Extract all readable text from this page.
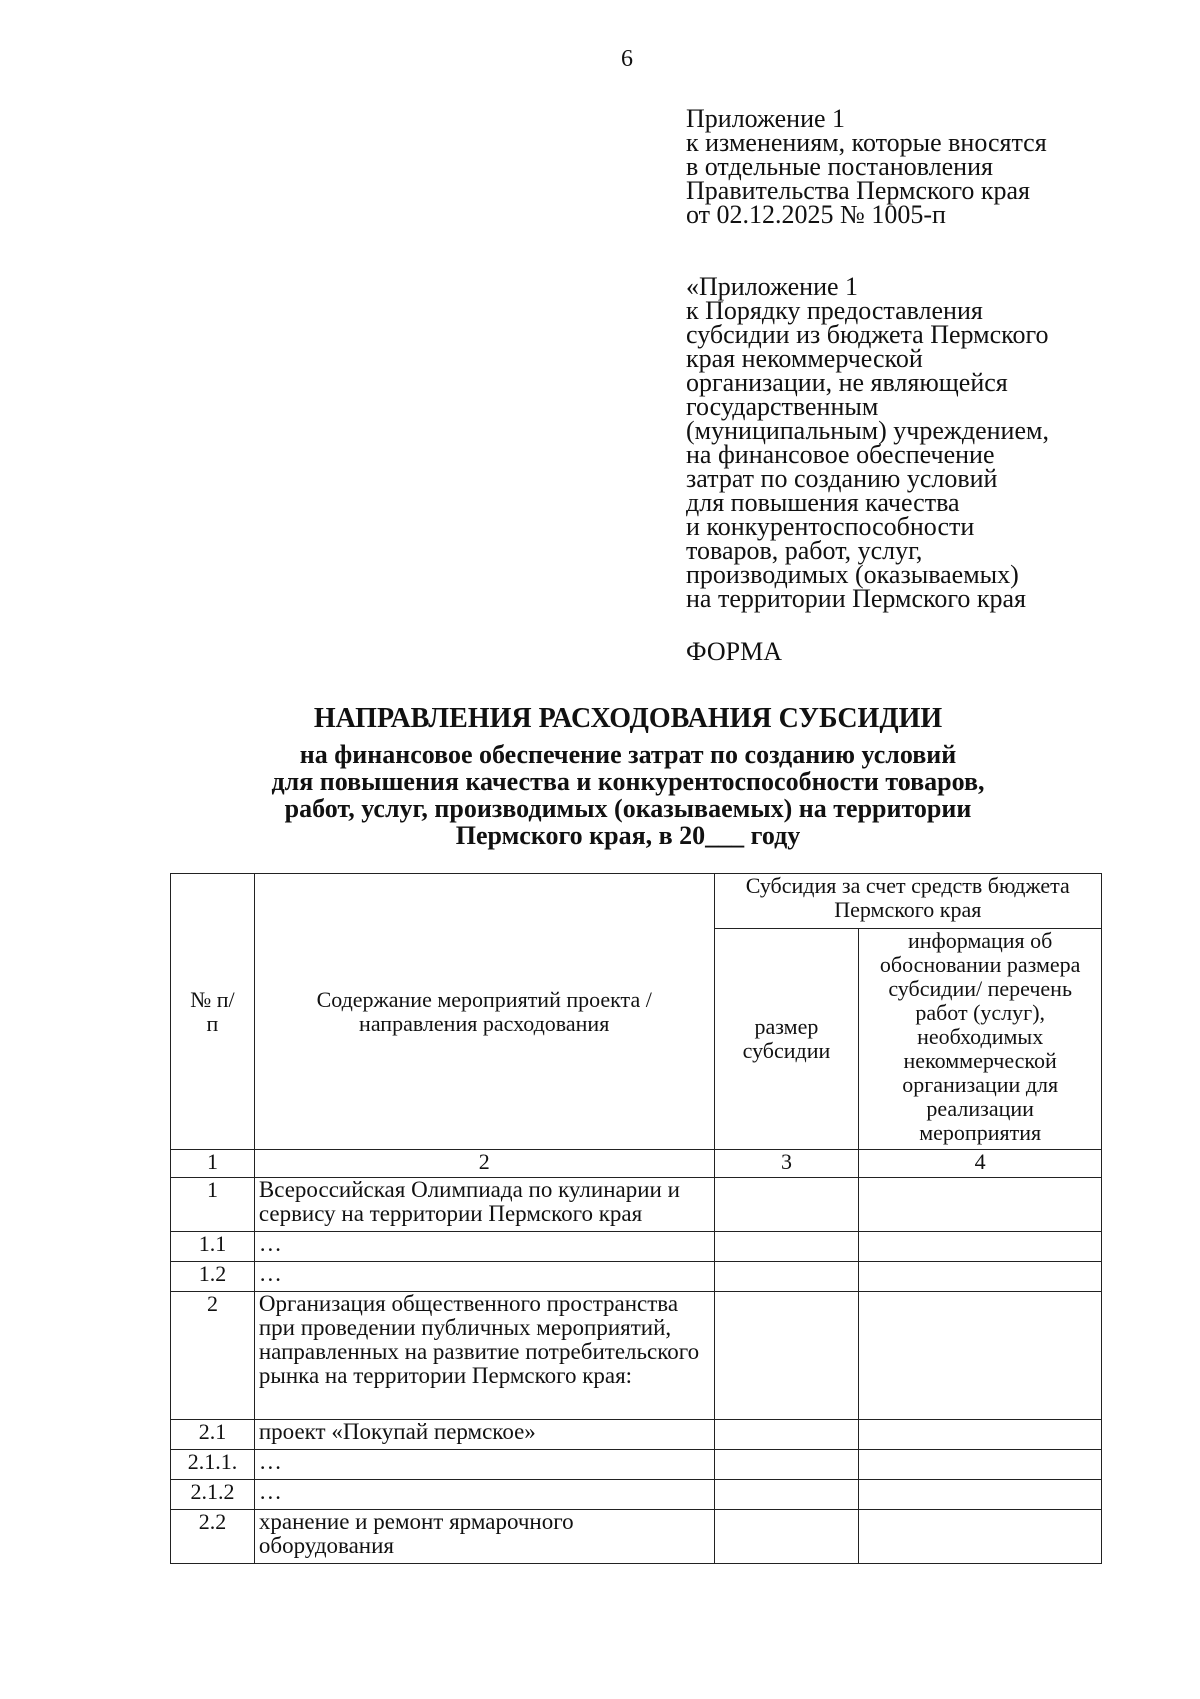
6
Приложение 1
к изменениям, которые вносятся
в отдельные постановления
Правительства Пермского края
от 02.12.2025 № 1005-п
«Приложение 1
к Порядку предоставления
субсидии из бюджета Пермского
края некоммерческой
организации, не являющейся
государственным
(муниципальным) учреждением,
на финансовое обеспечение
затрат по созданию условий
для повышения качества
и конкурентоспособности
товаров, работ, услуг,
производимых (оказываемых)
на территории Пермского края
ФОРМА
НАПРАВЛЕНИЯ РАСХОДОВАНИЯ СУБСИДИИ
на финансовое обеспечение затрат по созданию условий
для повышения качества и конкурентоспособности товаров,
работ, услуг, производимых (оказываемых) на территории
Пермского края, в 20___ году
№ п/п	Содержание мероприятий проекта / направления расходования	Субсидия за счет средств бюджета Пермского края	
		размер субсидии	информация об обосновании размера субсидии/ перечень работ (услуг), необходимых некоммерческой организации для реализации мероприятия
1	2	3	4
1	Всероссийская Олимпиада по кулинарии и сервису на территории Пермского края		
1.1	…		
1.2	…		
2	Организация общественного пространства при проведении публичных мероприятий, направленных на развитие потребительского рынка на территории Пермского края:		
2.1	проект «Покупай пермское»		
2.1.1.	…		
2.1.2	…		
2.2	хранение и ремонт ярмарочного оборудования		
